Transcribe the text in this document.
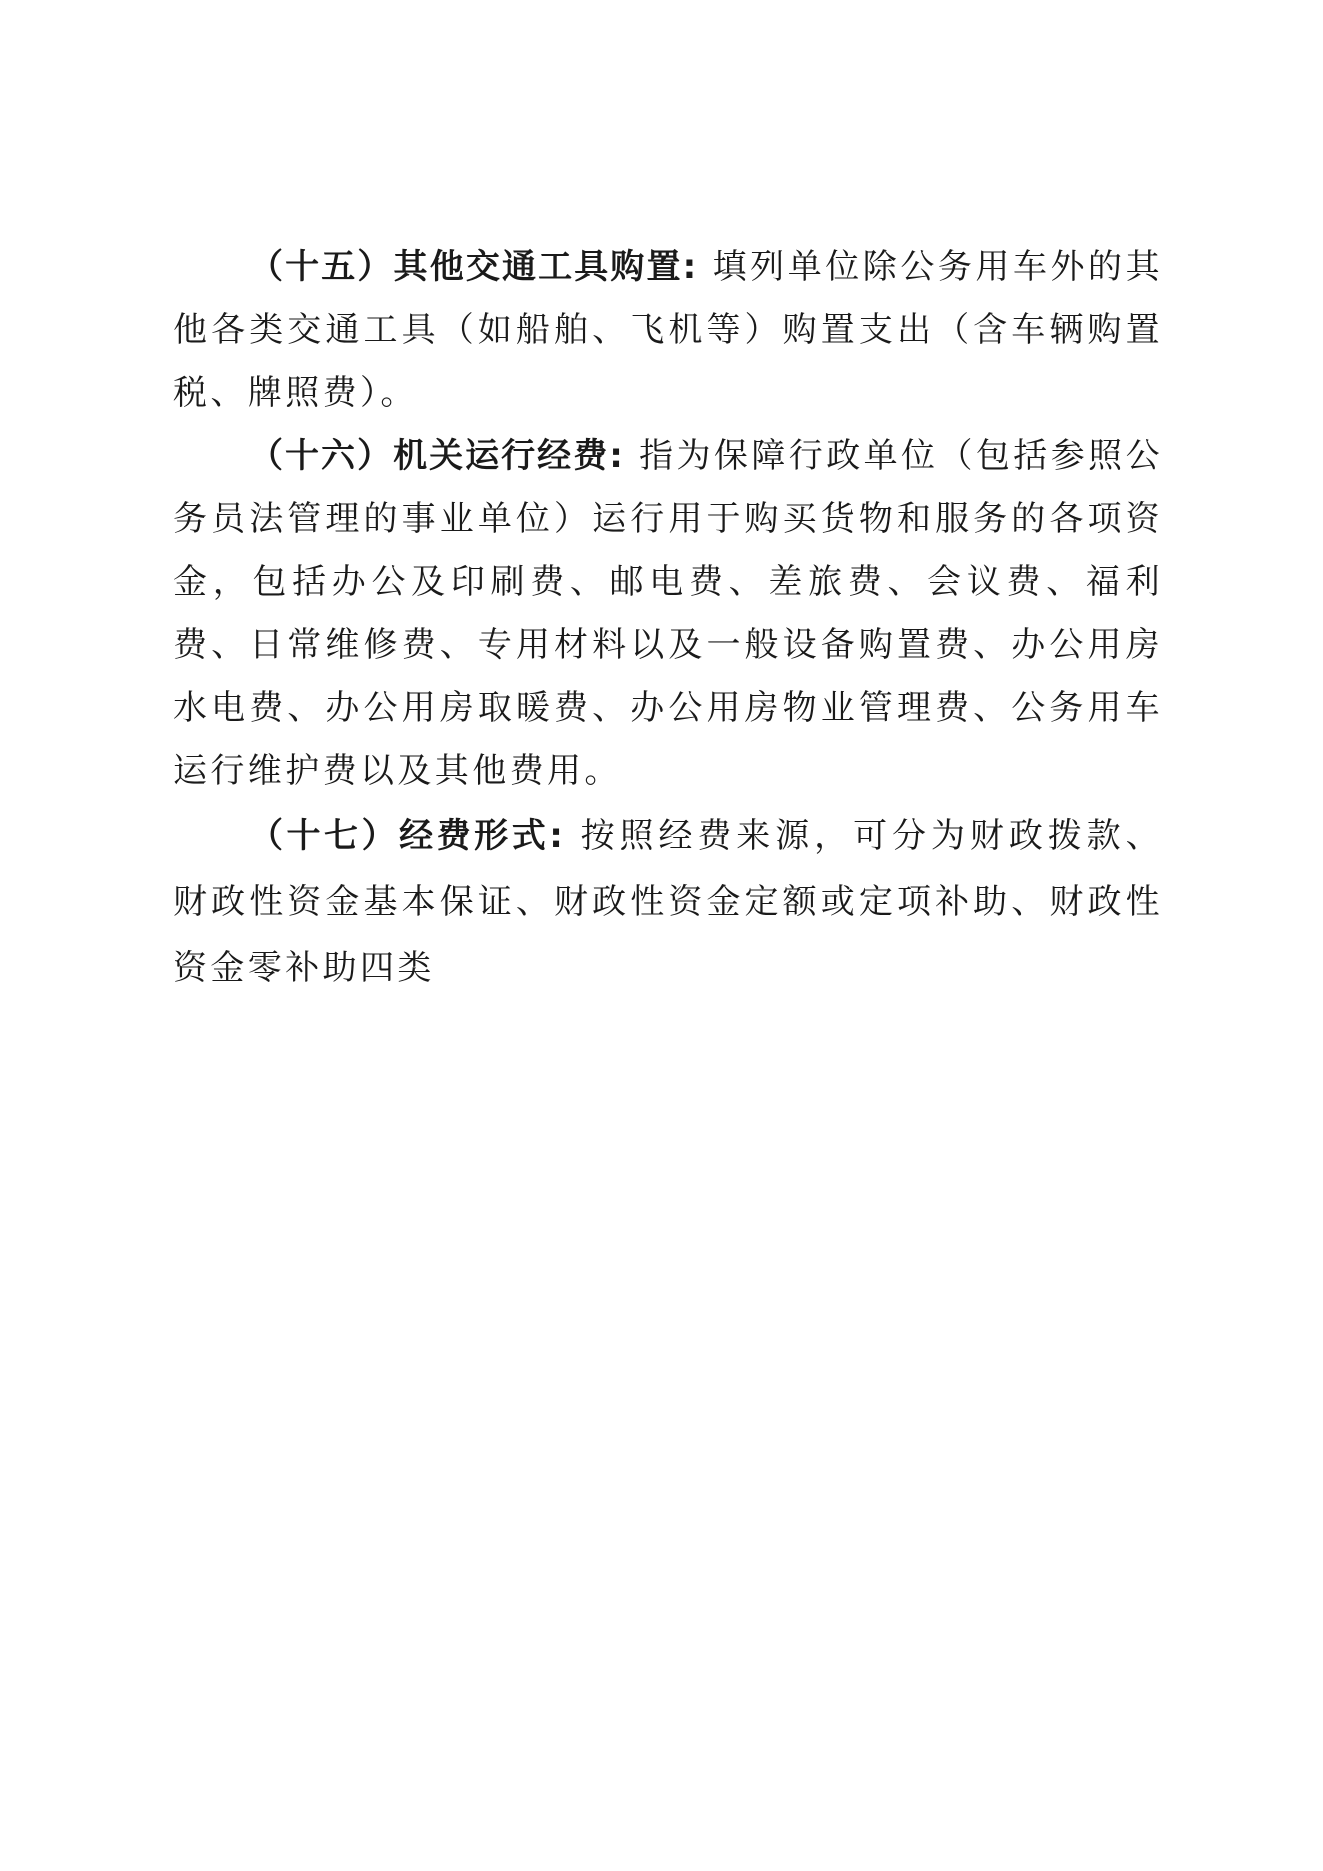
（十五）其他交通工具购置: 填列单位除公务用车外的其他各类交通工具（如船舶、飞机等）购置支出（含车辆购置税、牌照费）。

（十六）机关运行经费: 指为保障行政单位（包括参照公务员法管理的事业单位）运行用于购买货物和服务的各项资金，包括办公及印刷费、邮电费、差旅费、会议费、福利费、日常维修费、专用材料以及一般设备购置费、办公用房水电费、办公用房取暖费、办公用房物业管理费、公务用车运行维护费以及其他费用。

（十七）经费形式: 按照经费来源，可分为财政拨款、财政性资金基本保证、财政性资金定额或定项补助、财政性资金零补助四类
